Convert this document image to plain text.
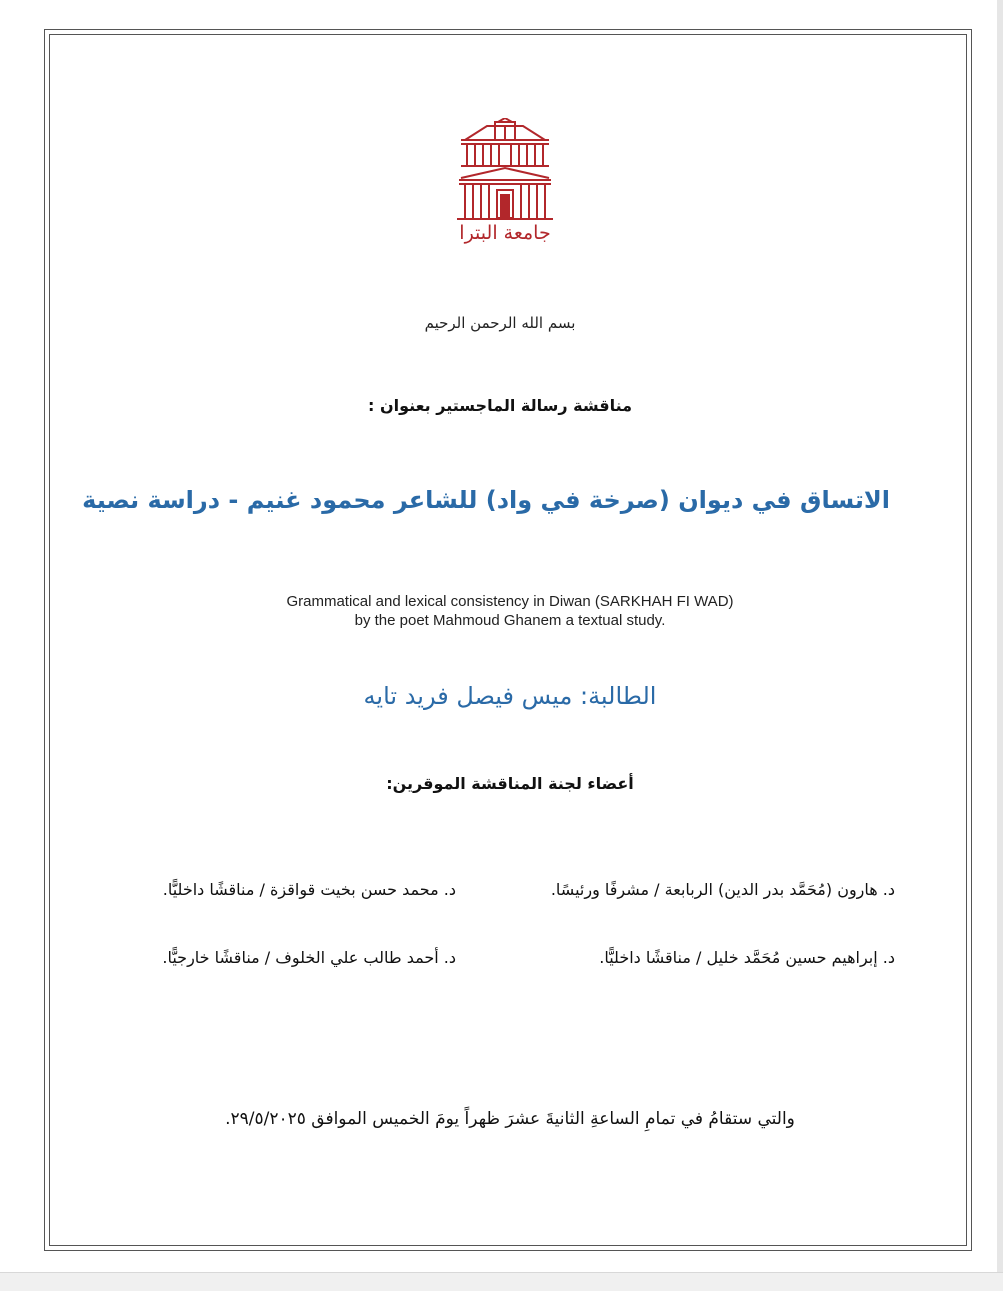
جامعة البترا
بسم الله الرحمن الرحيم
مناقشة رسالة الماجستير بعنوان :
الاتساق في ديوان (صرخة في واد) للشاعر محمود غنيم - دراسة نصية
Grammatical and lexical consistency in Diwan (SARKHAH FI WAD)
by the poet Mahmoud Ghanem a textual study.
الطالبة: ميس فيصل فريد تايه
أعضاء لجنة المناقشة الموقرين:
د. هارون (مُحَمَّد بدر الدين) الربابعة / مشرفًا ورئيسًا.
د. محمد حسن بخيت قواقزة / مناقشًا داخليًّا.
د. إبراهيم حسين مُحَمَّد خليل / مناقشًا داخليًّا.
د. أحمد طالب علي الخلوف / مناقشًا خارجيًّا.
والتي ستقامُ في تمامِ الساعةِ الثانيةَ عشرَ ظهراً يومَ الخميس الموافق ٢٩/٥/٢٠٢٥.
